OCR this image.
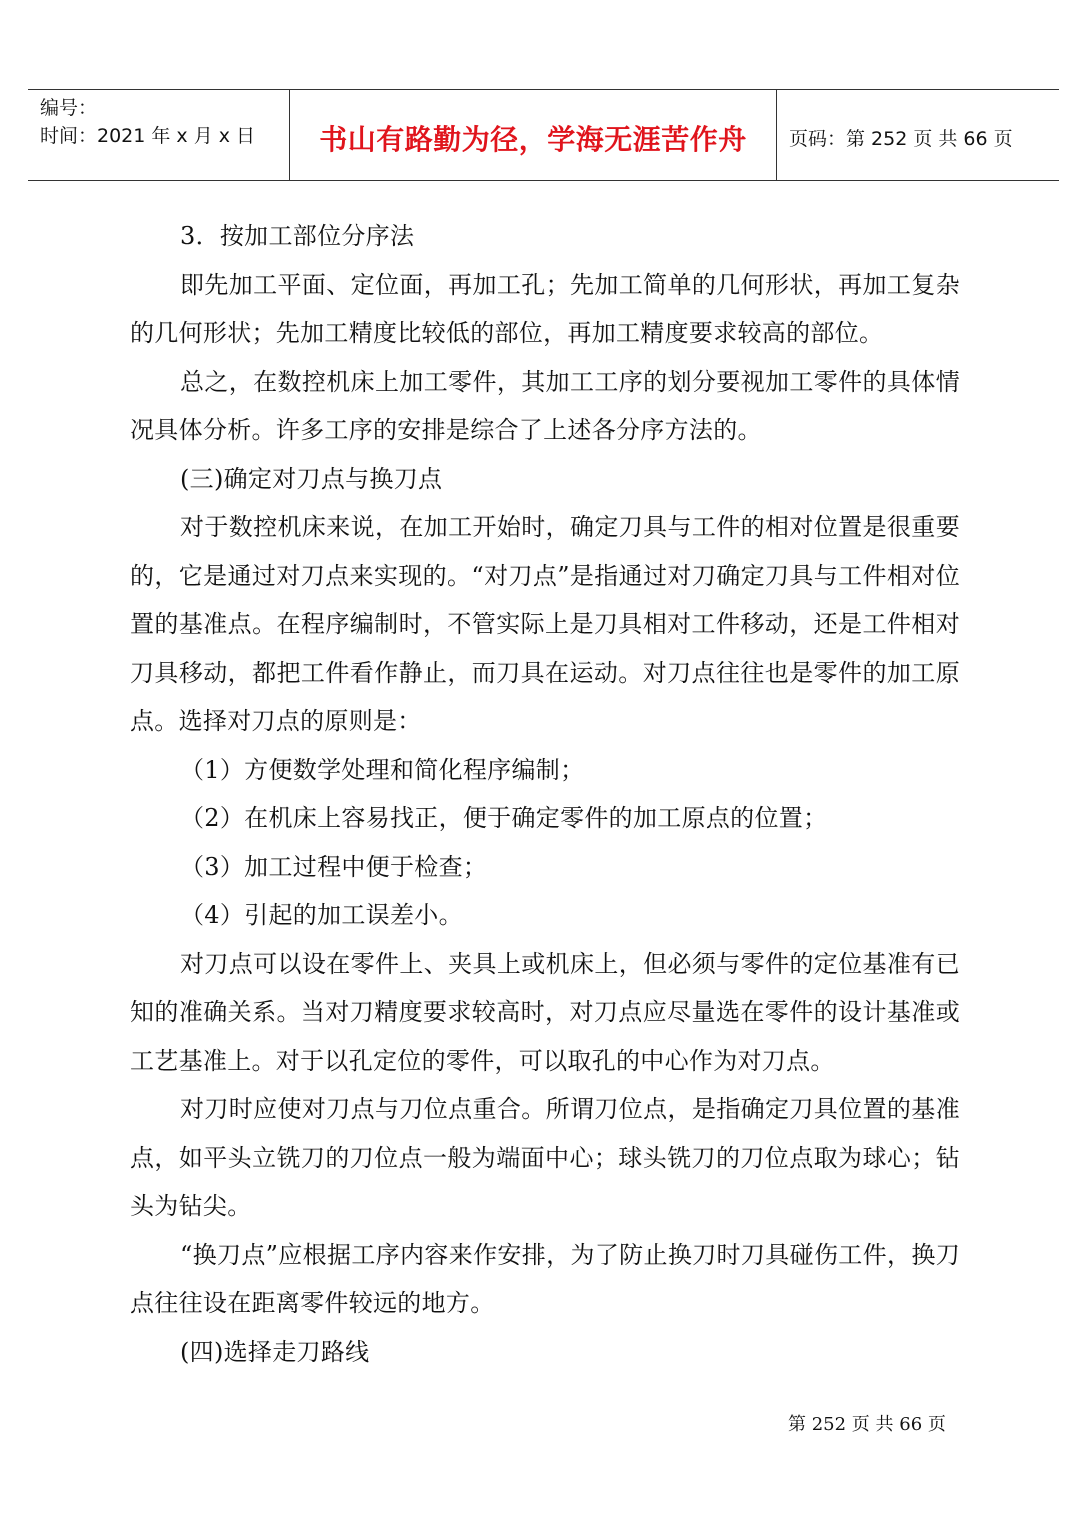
编号：
时间：2021 年 x 月 x 日	书山有路勤为径，学海无涯苦作舟	页码：第 252 页 共 66 页

3．按加工部位分序法

即先加工平面、定位面，再加工孔；先加工简单的几何形状，再加工复杂的几何形状；先加工精度比较低的部位，再加工精度要求较高的部位。

总之，在数控机床上加工零件，其加工工序的划分要视加工零件的具体情况具体分析。许多工序的安排是综合了上述各分序方法的。

(三)确定对刀点与换刀点

对于数控机床来说，在加工开始时，确定刀具与工件的相对位置是很重要的，它是通过对刀点来实现的。“对刀点”是指通过对刀确定刀具与工件相对位置的基准点。在程序编制时，不管实际上是刀具相对工件移动，还是工件相对刀具移动，都把工件看作静止，而刀具在运动。对刀点往往也是零件的加工原点。选择对刀点的原则是：

（1）方便数学处理和简化程序编制；

（2）在机床上容易找正，便于确定零件的加工原点的位置；

（3）加工过程中便于检查；

（4）引起的加工误差小。

对刀点可以设在零件上、夹具上或机床上，但必须与零件的定位基准有已知的准确关系。当对刀精度要求较高时，对刀点应尽量选在零件的设计基准或工艺基准上。对于以孔定位的零件，可以取孔的中心作为对刀点。

对刀时应使对刀点与刀位点重合。所谓刀位点，是指确定刀具位置的基准点，如平头立铣刀的刀位点一般为端面中心；球头铣刀的刀位点取为球心；钻头为钻尖。

“换刀点”应根据工序内容来作安排，为了防止换刀时刀具碰伤工件，换刀点往往设在距离零件较远的地方。

(四)选择走刀路线

第 252 页 共 66 页
